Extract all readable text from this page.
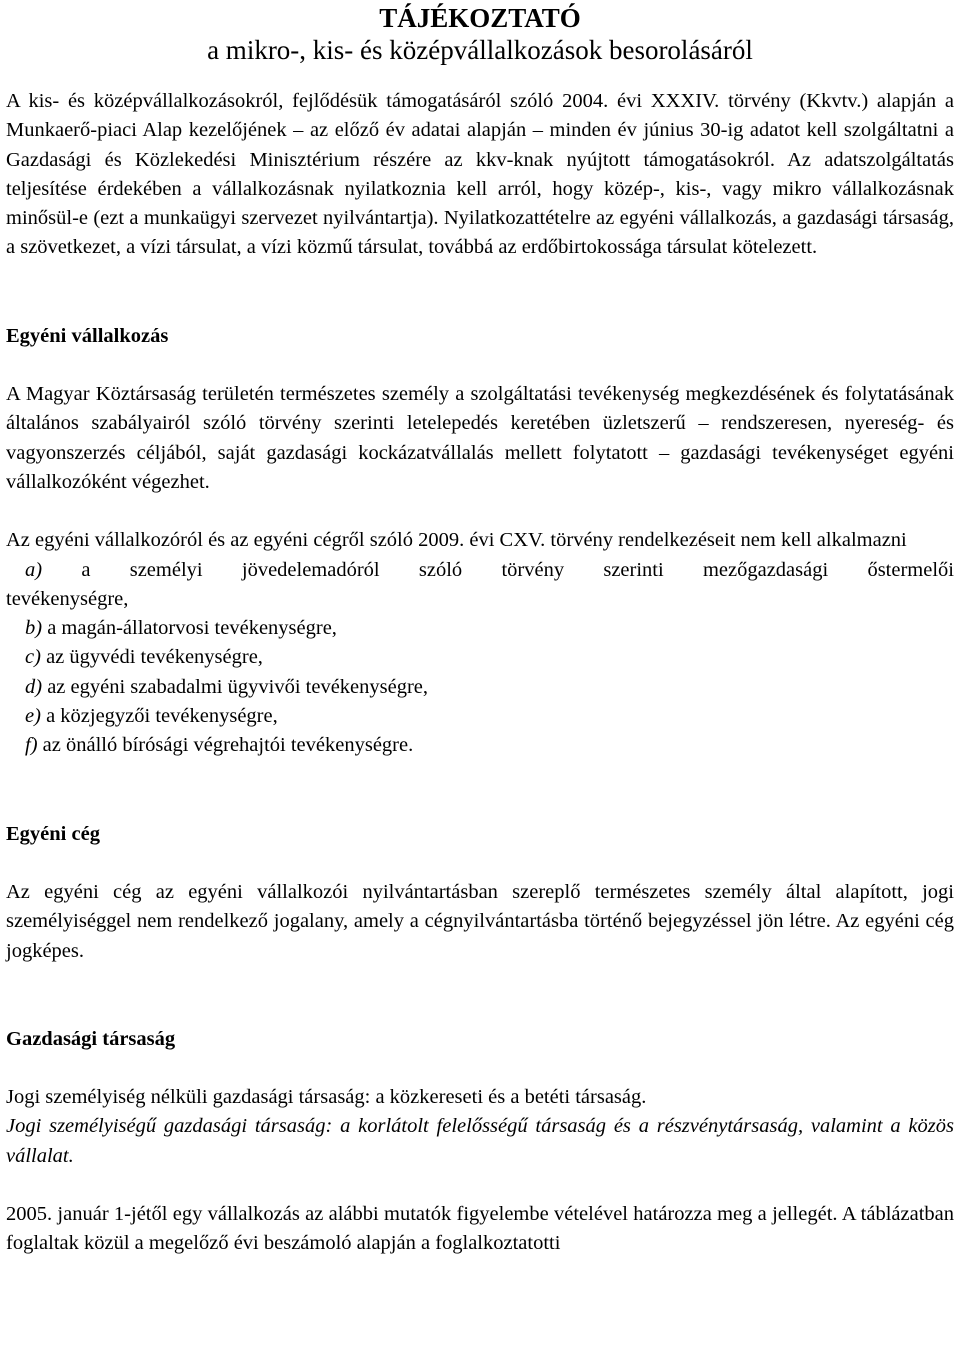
TÁJÉKOZTATÓ
a mikro-, kis- és középvállalkozások besorolásáról

A kis- és középvállalkozásokról, fejlődésük támogatásáról szóló 2004. évi XXXIV. törvény (Kkvtv.) alapján a Munkaerő-piaci Alap kezelőjének – az előző év adatai alapján – minden év június 30-ig adatot kell szolgáltatni a Gazdasági és Közlekedési Minisztérium részére az kkv-knak nyújtott támogatásokról. Az adatszolgáltatás teljesítése érdekében a vállalkozásnak nyilatkoznia kell arról, hogy közép-, kis-, vagy mikro vállalkozásnak minősül-e (ezt a munkaügyi szervezet nyilvántartja). Nyilatkozattételre az egyéni vállalkozás, a gazdasági társaság, a szövetkezet, a vízi társulat, a vízi közmű társulat, továbbá az erdőbirtokossága társulat kötelezett.

Egyéni vállalkozás

A Magyar Köztársaság területén természetes személy a szolgáltatási tevékenység megkezdésének és folytatásának általános szabályairól szóló törvény szerinti letelepedés keretében üzletszerű – rendszeresen, nyereség- és vagyonszerzés céljából, saját gazdasági kockázatvállalás mellett folytatott – gazdasági tevékenységet egyéni vállalkozóként végezhet.

Az egyéni vállalkozóról és az egyéni cégről szóló 2009. évi CXV. törvény rendelkezéseit nem kell alkalmazni

a) a személyi jövedelemadóról szóló törvény szerinti mezőgazdasági őstermelői
tevékenységre,
b) a magán-állatorvosi tevékenységre,
c) az ügyvédi tevékenységre,
d) az egyéni szabadalmi ügyvivői tevékenységre,
e) a közjegyzői tevékenységre,
f) az önálló bírósági végrehajtói tevékenységre.
Egyéni cég

Az egyéni cég az egyéni vállalkozói nyilvántartásban szereplő természetes személy által alapított, jogi személyiséggel nem rendelkező jogalany, amely a cégnyilvántartásba történő bejegyzéssel jön létre. Az egyéni cég jogképes.

Gazdasági társaság

Jogi személyiség nélküli gazdasági társaság: a közkereseti és a betéti társaság.

Jogi személyiségű gazdasági társaság: a korlátolt felelősségű társaság és a részvénytársaság, valamint a közös vállalat.

2005. január 1-jétől egy vállalkozás az alábbi mutatók figyelembe vételével határozza meg a jellegét. A táblázatban foglaltak közül a megelőző évi beszámoló alapján a foglalkoztatotti
